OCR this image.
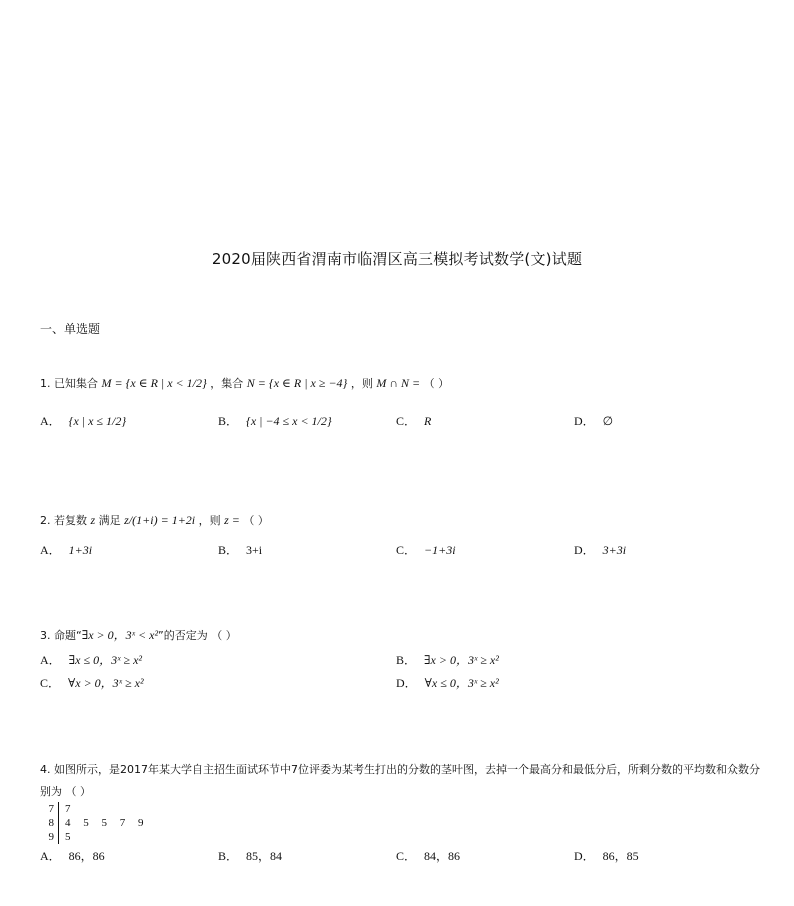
2020届陕西省渭南市临渭区高三模拟考试数学(文)试题
一、单选题
1. 已知集合 M = {x ∈ R | x < 1/2} ，集合 N = {x ∈ R | x ≥ −4} ，则 M ∩ N = （ ）
A． {x | x ≤ 1/2}	B． {x | −4 ≤ x < 1/2}	C． R	D． ∅
2. 若复数 z 满足 z/(1+i) = 1+2i ，则 z = （ ）
A． 1+3i	B． 3+i	C． −1+3i	D． 3+3i
3. 命题“∃x > 0，3ˣ < x²”的否定为 （ ）
A． ∃x ≤ 0，3ˣ ≥ x²	B． ∃x > 0，3ˣ ≥ x²
C． ∀x > 0，3ˣ ≥ x²	D． ∀x ≤ 0，3ˣ ≥ x²
4. 如图所示，是2017年某大学自主招生面试环节中7位评委为某考生打出的分数的茎叶图，去掉一个最高分和最低分后，所剩分数的平均数和众数分别为 （ ）
7	7
8	4 5 5 7 9
9	5
A． 86，86	B． 85，84	C． 84，86	D． 86，85
